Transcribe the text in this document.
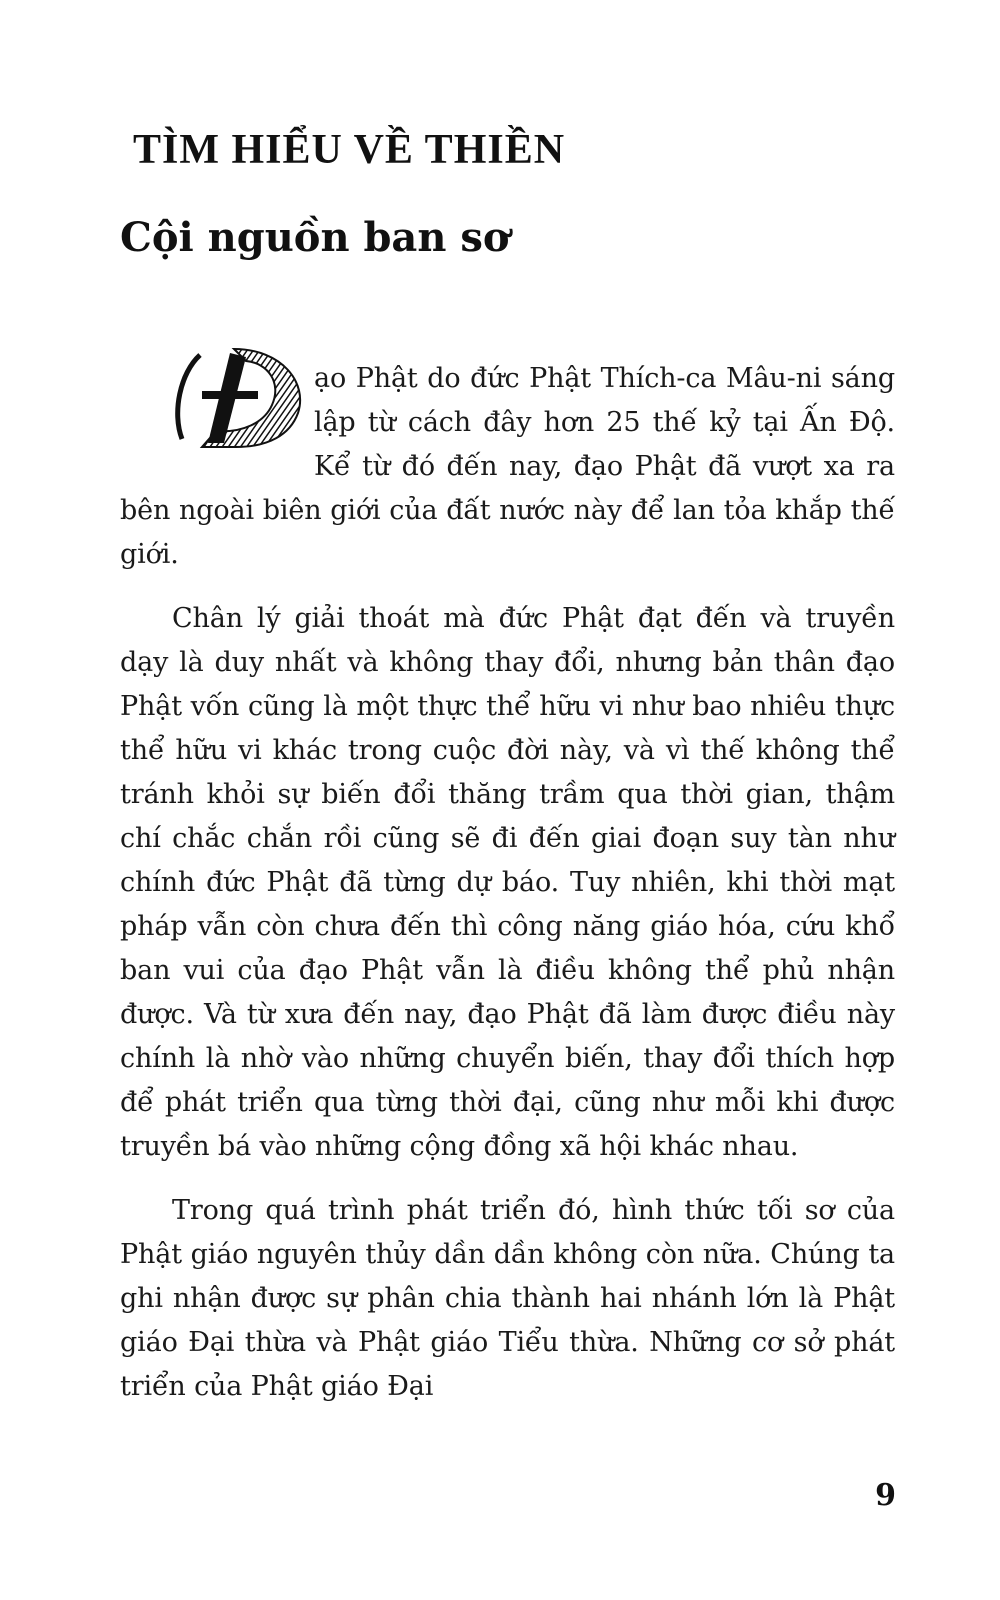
TÌM HIỂU VỀ THIỀN
Cội nguồn ban sơ

ạo Phật do đức Phật Thích-ca Mâu-ni sáng lập từ cách đây hơn 25 thế kỷ tại Ấn Độ. Kể từ đó đến nay, đạo Phật đã vượt xa ra bên ngoài biên giới của đất nước này để lan tỏa khắp thế giới.

Chân lý giải thoát mà đức Phật đạt đến và truyền dạy là duy nhất và không thay đổi, nhưng bản thân đạo Phật vốn cũng là một thực thể hữu vi như bao nhiêu thực thể hữu vi khác trong cuộc đời này, và vì thế không thể tránh khỏi sự biến đổi thăng trầm qua thời gian, thậm chí chắc chắn rồi cũng sẽ đi đến giai đoạn suy tàn như chính đức Phật đã từng dự báo. Tuy nhiên, khi thời mạt pháp vẫn còn chưa đến thì công năng giáo hóa, cứu khổ ban vui của đạo Phật vẫn là điều không thể phủ nhận được. Và từ xưa đến nay, đạo Phật đã làm được điều này chính là nhờ vào những chuyển biến, thay đổi thích hợp để phát triển qua từng thời đại, cũng như mỗi khi được truyền bá vào những cộng đồng xã hội khác nhau.

Trong quá trình phát triển đó, hình thức tối sơ của Phật giáo nguyên thủy dần dần không còn nữa. Chúng ta ghi nhận được sự phân chia thành hai nhánh lớn là Phật giáo Đại thừa và Phật giáo Tiểu thừa. Những cơ sở phát triển của Phật giáo Đại

9
